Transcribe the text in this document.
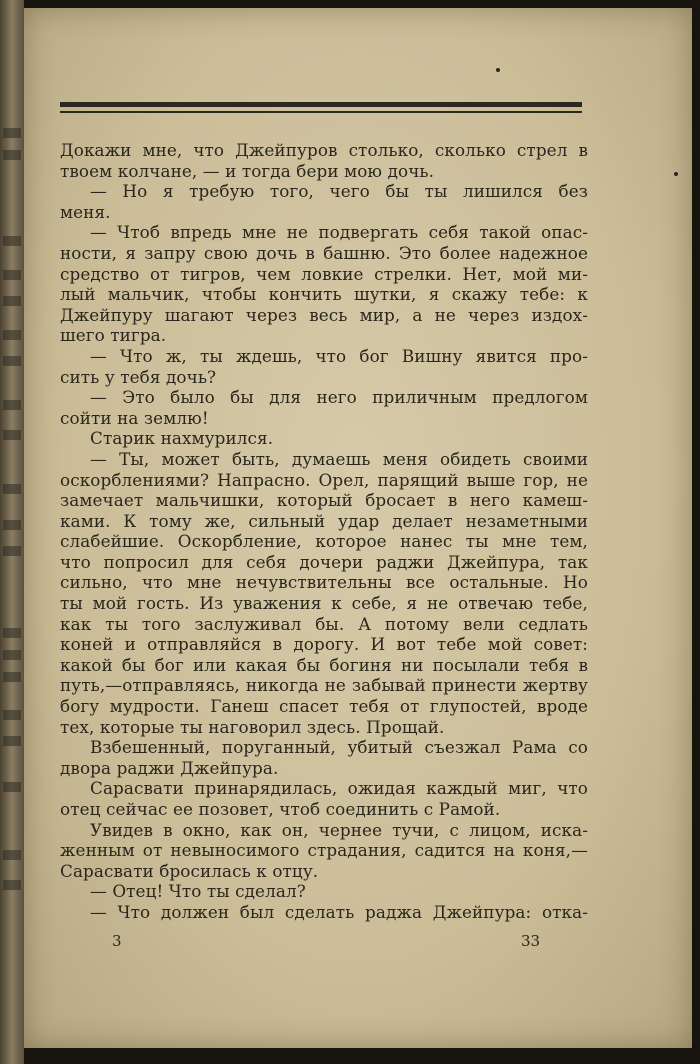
Докажи мне, что Джейпуров столько, сколько стрел в
твоем колчане, — и тогда бери мою дочь.
— Но я требую того, чего бы ты лишился без
меня.
— Чтоб впредь мне не подвергать себя такой опас-
ности, я запру свою дочь в башню. Это более надежное
средство от тигров, чем ловкие стрелки. Нет, мой ми-
лый мальчик, чтобы кончить шутки, я скажу тебе: к
Джейпуру шагают через весь мир, а не через издох-
шего тигра.
— Что ж, ты ждешь, что бог Вишну явится про-
сить у тебя дочь?
— Это было бы для него приличным предлогом
сойти на землю!
Старик нахмурился.
— Ты, может быть, думаешь меня обидеть своими
оскорблениями? Напрасно. Орел, парящий выше гор, не
замечает мальчишки, который бросает в него камеш-
ками. К тому же, сильный удар делает незаметными
слабейшие. Оскорбление, которое нанес ты мне тем,
что попросил для себя дочери раджи Джейпура, так
сильно, что мне нечувствительны все остальные. Но
ты мой гость. Из уважения к себе, я не отвечаю тебе,
как ты того заслуживал бы. А потому вели седлать
коней и отправляйся в дорогу. И вот тебе мой совет:
какой бы бог или какая бы богиня ни посылали тебя в
путь,—отправляясь, никогда не забывай принести жертву
богу мудрости. Ганеш спасет тебя от глупостей, вроде
тех, которые ты наговорил здесь. Прощай.
Взбешенный, поруганный, убитый съезжал Рама со
двора раджи Джейпура.
Сарасвати принарядилась, ожидая каждый миг, что
отец сейчас ее позовет, чтоб соединить с Рамой.
Увидев в окно, как он, чернее тучи, с лицом, иска-
женным от невыносимого страдания, садится на коня,—
Сарасвати бросилась к отцу.
— Отец! Что ты сделал?
— Что должен был сделать раджа Джейпура: отка-
3	33
